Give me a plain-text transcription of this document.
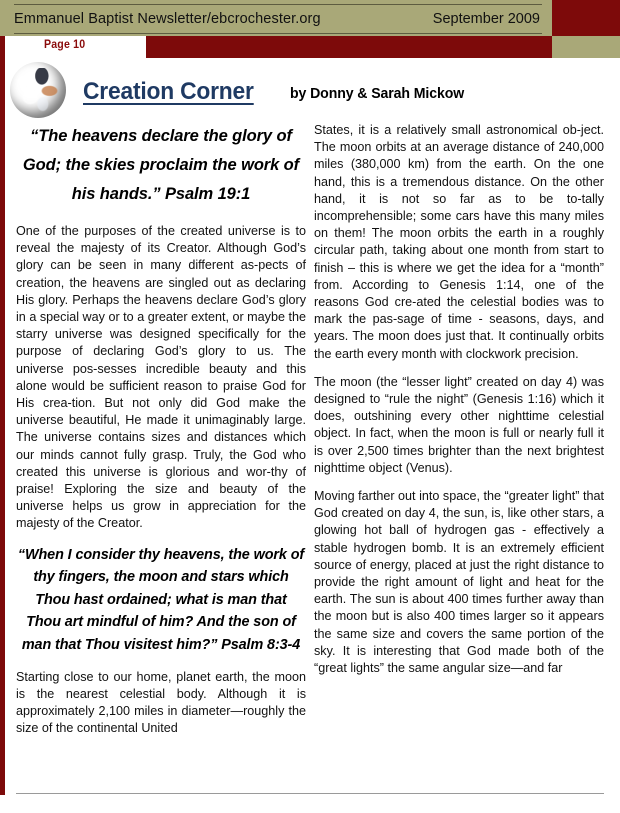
Emmanuel Baptist Newsletter/ebcrochester.org	September 2009
Page 10
Creation Corner by Donny & Sarah Mickow

“The heavens declare the glory of God; the skies proclaim the work of his hands.” Psalm 19:1

One of the purposes of the created universe is to reveal the majesty of its Creator. Although God’s glory can be seen in many different as-pects of creation, the heavens are singled out as declaring His glory. Perhaps the heavens declare God’s glory in a special way or to a greater extent, or maybe the starry universe was designed specifically for the purpose of declaring God’s glory to us. The universe pos-sesses incredible beauty and this alone would be sufficient reason to praise God for His crea-tion. But not only did God make the universe beautiful, He made it unimaginably large. The universe contains sizes and distances which our minds cannot fully grasp. Truly, the God who created this universe is glorious and wor-thy of praise! Exploring the size and beauty of the universe helps us grow in appreciation for the majesty of the Creator.

“When I consider thy heavens, the work of thy fingers, the moon and stars which Thou hast ordained; what is man that Thou art mindful of him? And the son of man that Thou visitest him?” Psalm 8:3-4

Starting close to our home, planet earth, the moon is the nearest celestial body. Although it is approximately 2,100 miles in diameter—roughly the size of the continental United

States, it is a relatively small astronomical ob-ject. The moon orbits at an average distance of 240,000 miles (380,000 km) from the earth. On the one hand, this is a tremendous distance. On the other hand, it is not so far as to be to-tally incomprehensible; some cars have this many miles on them! The moon orbits the earth in a roughly circular path, taking about one month from start to finish – this is where we get the idea for a “month” from. According to Genesis 1:14, one of the reasons God cre-ated the celestial bodies was to mark the pas-sage of time - seasons, days, and years. The moon does just that. It continually orbits the earth every month with clockwork precision.

The moon (the “lesser light” created on day 4) was designed to “rule the night” (Genesis 1:16) which it does, outshining every other nighttime celestial object. In fact, when the moon is full or nearly full it is over 2,500 times brighter than the next brightest nighttime object (Venus).

Moving farther out into space, the “greater light” that God created on day 4, the sun, is, like other stars, a glowing hot ball of hydrogen gas - effectively a stable hydrogen bomb. It is an extremely efficient source of energy, placed at just the right distance to provide the right amount of light and heat for the earth. The sun is about 400 times further away than the moon but is also 400 times larger so it appears the same size and covers the same portion of the sky. It is interesting that God made both of the “great lights” the same angular size—and far
